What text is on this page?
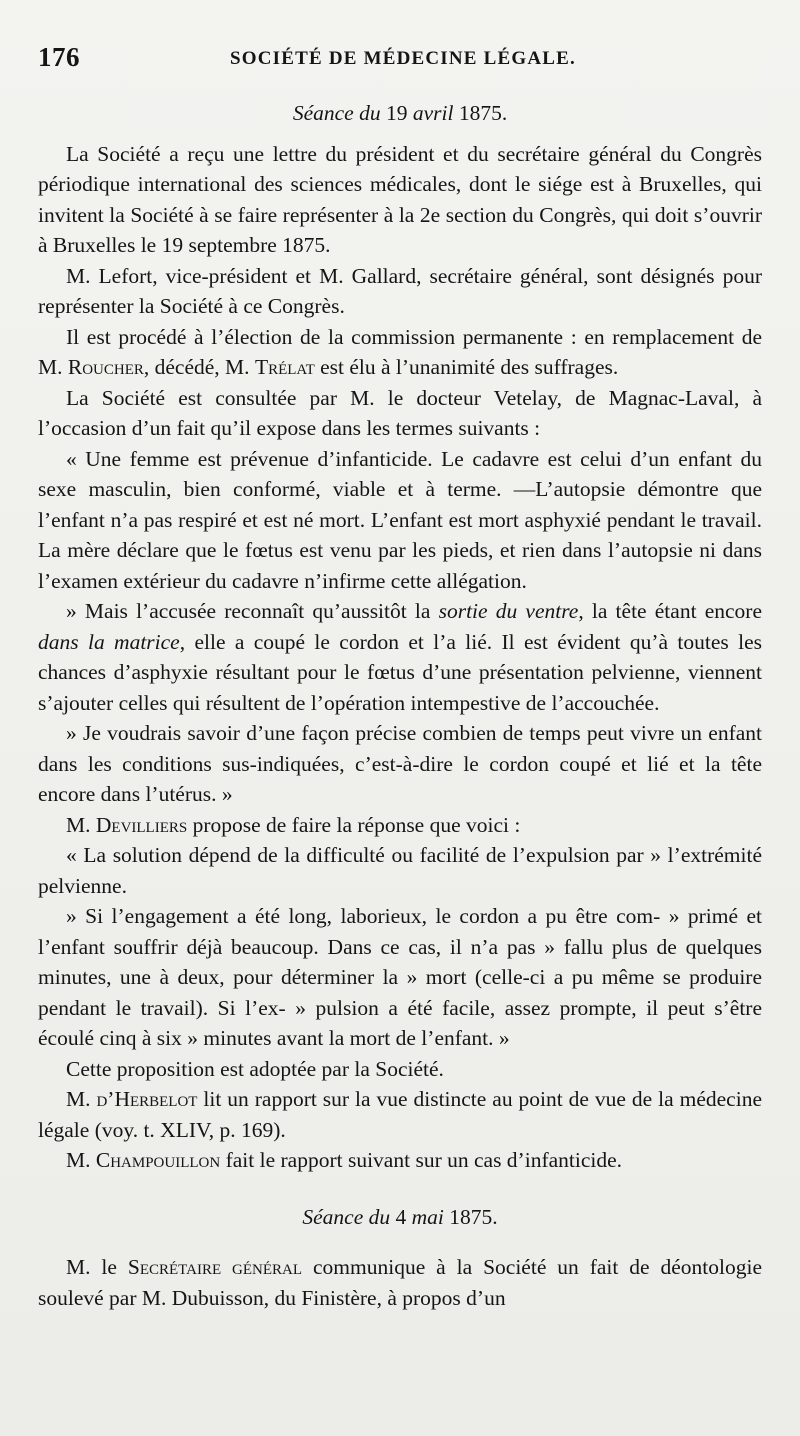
176	SOCIÉTÉ DE MÉDECINE LÉGALE.

Séance du 19 avril 1875.

La Société a reçu une lettre du président et du secrétaire général du Congrès périodique international des sciences médicales, dont le siége est à Bruxelles, qui invitent la Société à se faire représenter à la 2e section du Congrès, qui doit s’ouvrir à Bruxelles le 19 septembre 1875.

M. Lefort, vice-président et M. Gallard, secrétaire général, sont désignés pour représenter la Société à ce Congrès.

Il est procédé à l’élection de la commission permanente : en remplacement de M. Roucher, décédé, M. Trélat est élu à l’unanimité des suffrages.

La Société est consultée par M. le docteur Vetelay, de Magnac-Laval, à l’occasion d’un fait qu’il expose dans les termes suivants :

« Une femme est prévenue d’infanticide. Le cadavre est celui d’un enfant du sexe masculin, bien conformé, viable et à terme. —L’autopsie démontre que l’enfant n’a pas respiré et est né mort. L’enfant est mort asphyxié pendant le travail. La mère déclare que le fœtus est venu par les pieds, et rien dans l’autopsie ni dans l’examen extérieur du cadavre n’infirme cette allégation.

» Mais l’accusée reconnaît qu’aussitôt la sortie du ventre, la tête étant encore dans la matrice, elle a coupé le cordon et l’a lié. Il est évident qu’à toutes les chances d’asphyxie résultant pour le fœtus d’une présentation pelvienne, viennent s’ajouter celles qui résultent de l’opération intempestive de l’accouchée.

» Je voudrais savoir d’une façon précise combien de temps peut vivre un enfant dans les conditions sus-indiquées, c’est-à-dire le cordon coupé et lié et la tête encore dans l’utérus. »

M. Devilliers propose de faire la réponse que voici :

« La solution dépend de la difficulté ou facilité de l’expulsion par » l’extrémité pelvienne.

» Si l’engagement a été long, laborieux, le cordon a pu être com- » primé et l’enfant souffrir déjà beaucoup. Dans ce cas, il n’a pas » fallu plus de quelques minutes, une à deux, pour déterminer la » mort (celle-ci a pu même se produire pendant le travail). Si l’ex- » pulsion a été facile, assez prompte, il peut s’être écoulé cinq à six » minutes avant la mort de l’enfant. »

Cette proposition est adoptée par la Société.

M. d’Herbelot lit un rapport sur la vue distincte au point de vue de la médecine légale (voy. t. XLIV, p. 169).

M. Champouillon fait le rapport suivant sur un cas d’infanticide.

Séance du 4 mai 1875.

M. le Secrétaire général communique à la Société un fait de déontologie soulevé par M. Dubuisson, du Finistère, à propos d’un
